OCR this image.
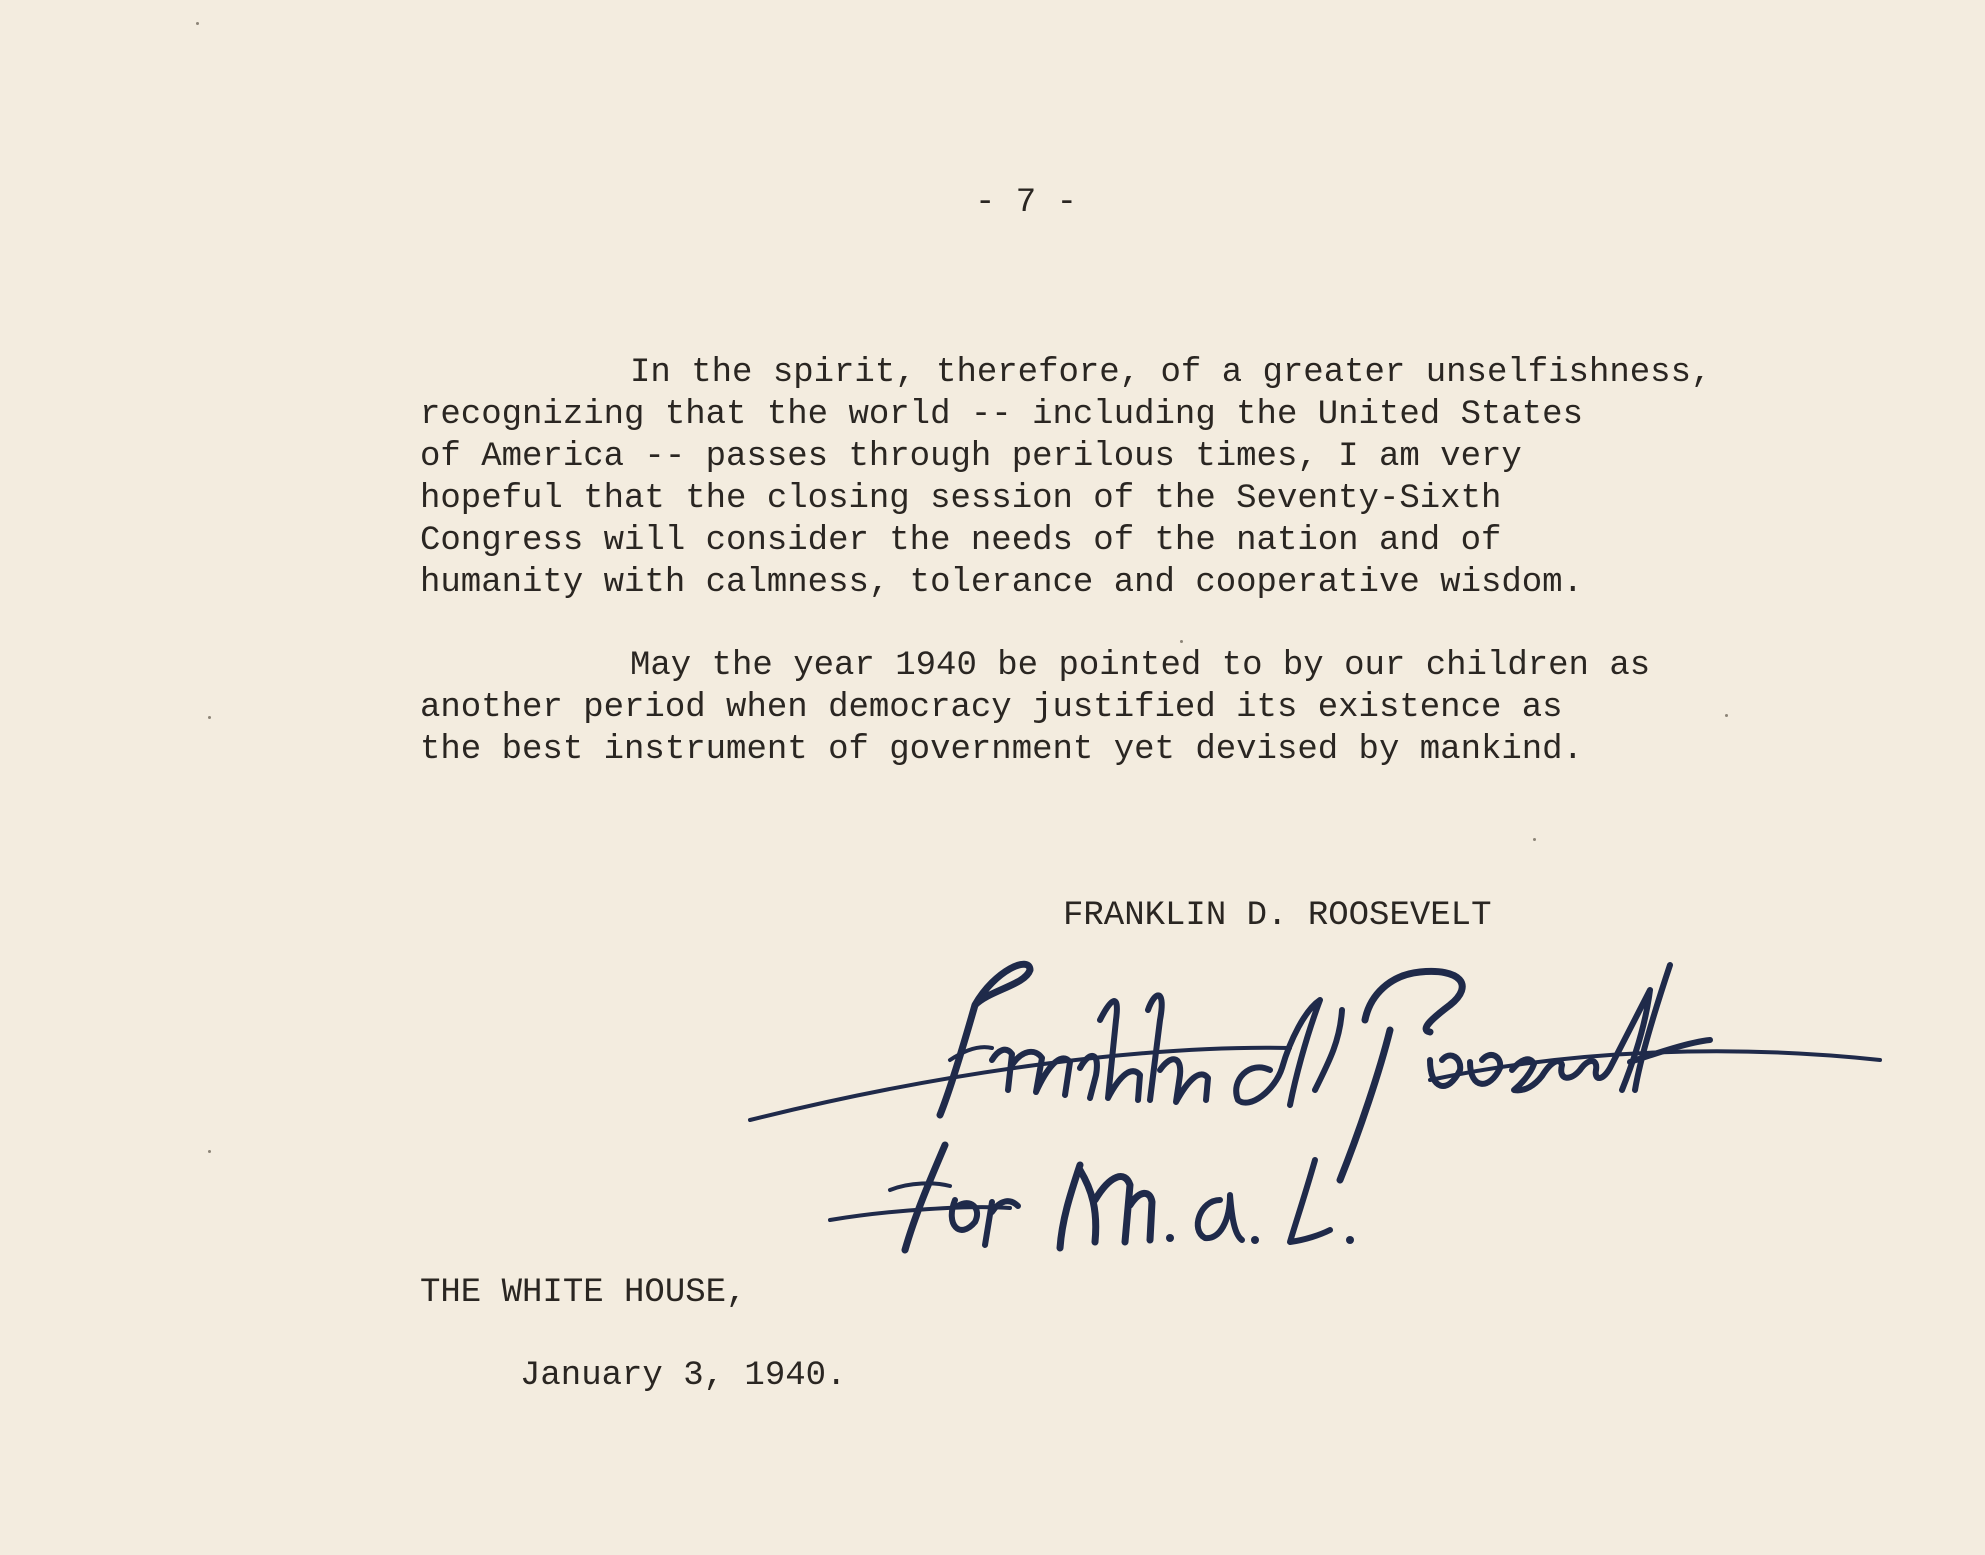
- 7 -
In the spirit, therefore, of a greater unselfishness,
recognizing that the world -- including the United States
of America -- passes through perilous times, I am very
hopeful that the closing session of the Seventy-Sixth
Congress will consider the needs of the nation and of
humanity with calmness, tolerance and cooperative wisdom.
May the year 1940 be pointed to by our children as
another period when democracy justified its existence as
the best instrument of government yet devised by mankind.
FRANKLIN D. ROOSEVELT
THE WHITE HOUSE,
January 3, 1940.
